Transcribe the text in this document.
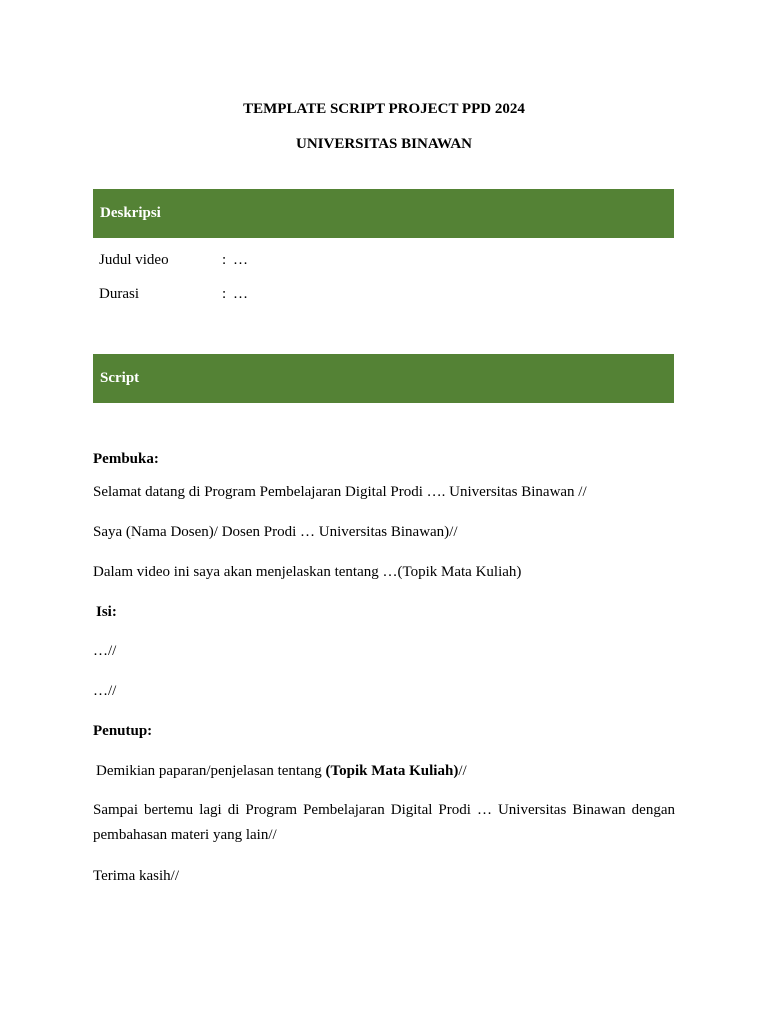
TEMPLATE SCRIPT PROJECT PPD 2024
UNIVERSITAS BINAWAN
Deskripsi
Judul video	: …
Durasi	: …
Script
Pembuka:
Selamat datang di Program Pembelajaran Digital Prodi …. Universitas Binawan //
Saya (Nama Dosen)/ Dosen Prodi … Universitas Binawan)//
Dalam video ini saya akan menjelaskan tentang …(Topik Mata Kuliah)
Isi:
…//
…//
Penutup:
Demikian paparan/penjelasan tentang (Topik Mata Kuliah)//
Sampai bertemu lagi di Program Pembelajaran Digital Prodi … Universitas Binawan dengan pembahasan materi yang lain//
Terima kasih//
